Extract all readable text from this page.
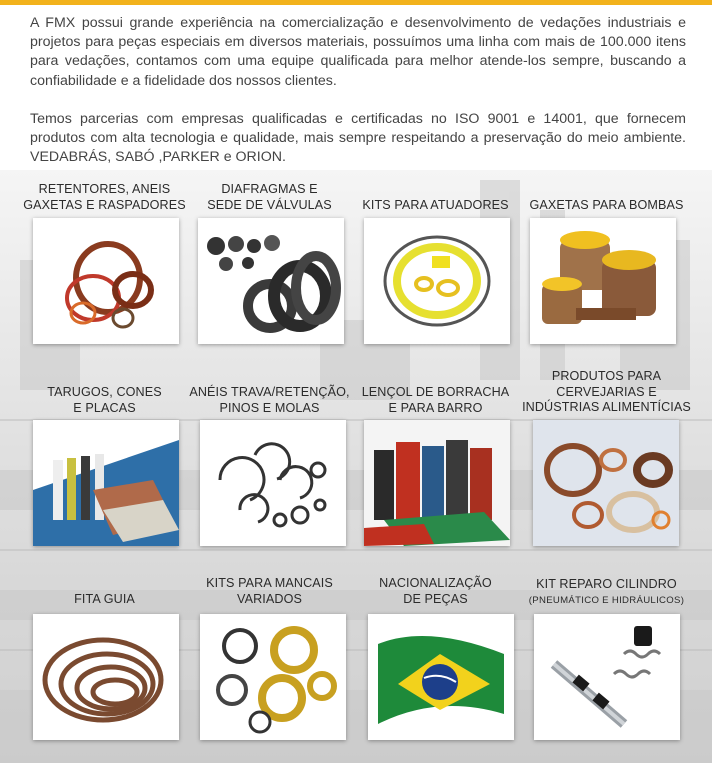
A FMX possui grande experiência na comercialização e desenvolvimento de vedações industriais e projetos para peças especiais em diversos materiais, possuímos uma linha com mais de 100.000 itens para vedações, contamos com uma equipe qualificada para melhor atende-los sempre, buscando a confiabilidade e a fidelidade dos nossos clientes.

Temos parcerias com empresas qualificadas e certificadas no ISO 9001 e 14001, que fornecem produtos com alta tecnologia e qualidade, mais sempre respeitando a preservação do meio ambiente. VEDABRÁS, SABÓ ,PARKER e ORION.

RETENTORES, ANEIS
GAXETAS E RASPADORES
DIAFRAGMAS E
SEDE DE VÁLVULAS	KITS PARA ATUADORES	GAXETAS PARA BOMBAS
TARUGOS, CONES
E PLACAS
ANÉIS TRAVA/RETENÇÃO,
PINOS E MOLAS
LENÇOL DE BORRACHA
E PARA BARRO
PRODUTOS PARA
CERVEJARIAS E
INDÚSTRIAS ALIMENTÍCIAS
FITA GUIA
KITS PARA MANCAIS
VARIADOS
NACIONALIZAÇÃO
DE PEÇAS
KIT REPARO CILINDRO
(PNEUMÁTICO E HIDRÁULICOS)
